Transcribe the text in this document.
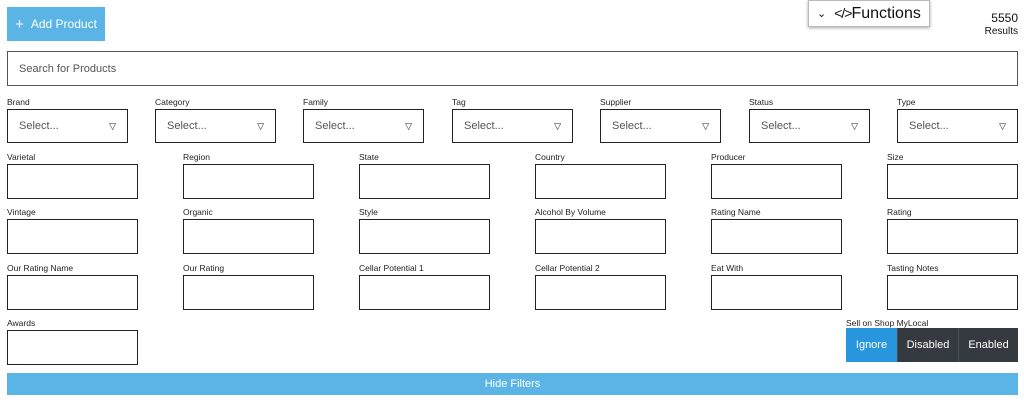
+ Add Product
⌄ </>Functions	5550
Results
Search for Products
Brand
Select...	▽
Category
Select...	▽
Family
Select...	▽
Tag
Select...	▽
Supplier
Select...	▽
Status
Select...	▽
Type
Select...	▽
Varietal	Region	State	Country	Producer	Size
Vintage	Organic	Style	Alcohol By Volume	Rating Name	Rating
Our Rating Name	Our Rating	Cellar Potential 1	Cellar Potential 2	Eat With	Tasting Notes
Awards	Sell on Shop MyLocal
Ignore	Disabled	Enabled
Hide Filters
